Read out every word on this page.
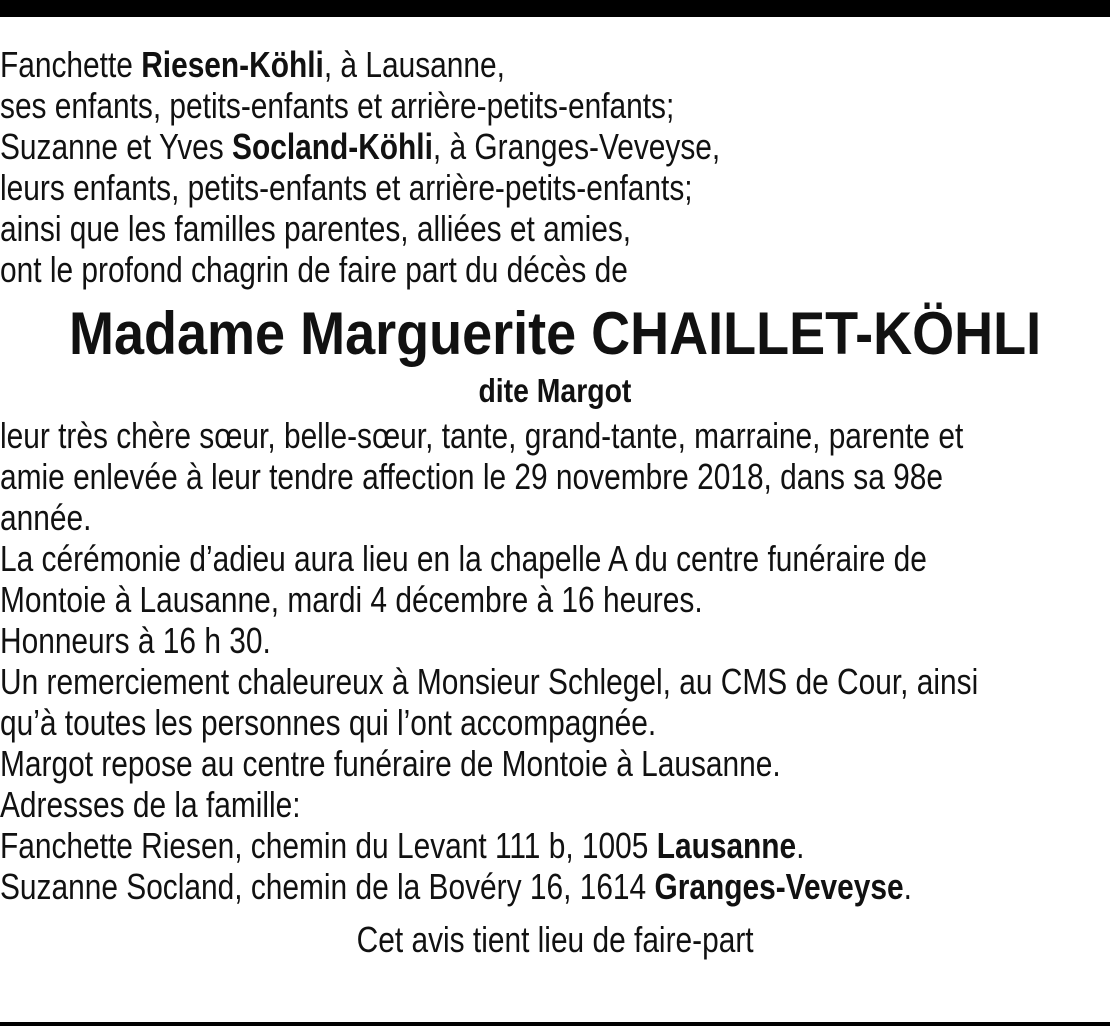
Fanchette Riesen-Köhli, à Lausanne,
ses enfants, petits-enfants et arrière-petits-enfants;
Suzanne et Yves Socland-Köhli, à Granges-Veveyse,
leurs enfants, petits-enfants et arrière-petits-enfants;
ainsi que les familles parentes, alliées et amies,
ont le profond chagrin de faire part du décès de
Madame Marguerite CHAILLET-KÖHLI
dite Margot
leur très chère sœur, belle-sœur, tante, grand-tante, marraine, parente et
amie enlevée à leur tendre affection le 29 novembre 2018, dans sa 98e
année.
La cérémonie d’adieu aura lieu en la chapelle A du centre funéraire de
Montoie à Lausanne, mardi 4 décembre à 16 heures.
Honneurs à 16 h 30.
Un remerciement chaleureux à Monsieur Schlegel, au CMS de Cour, ainsi
qu’à toutes les personnes qui l’ont accompagnée.
Margot repose au centre funéraire de Montoie à Lausanne.
Adresses de la famille:
Fanchette Riesen, chemin du Levant 111 b, 1005 Lausanne.
Suzanne Socland, chemin de la Bovéry 16, 1614 Granges-Veveyse.
Cet avis tient lieu de faire-part
